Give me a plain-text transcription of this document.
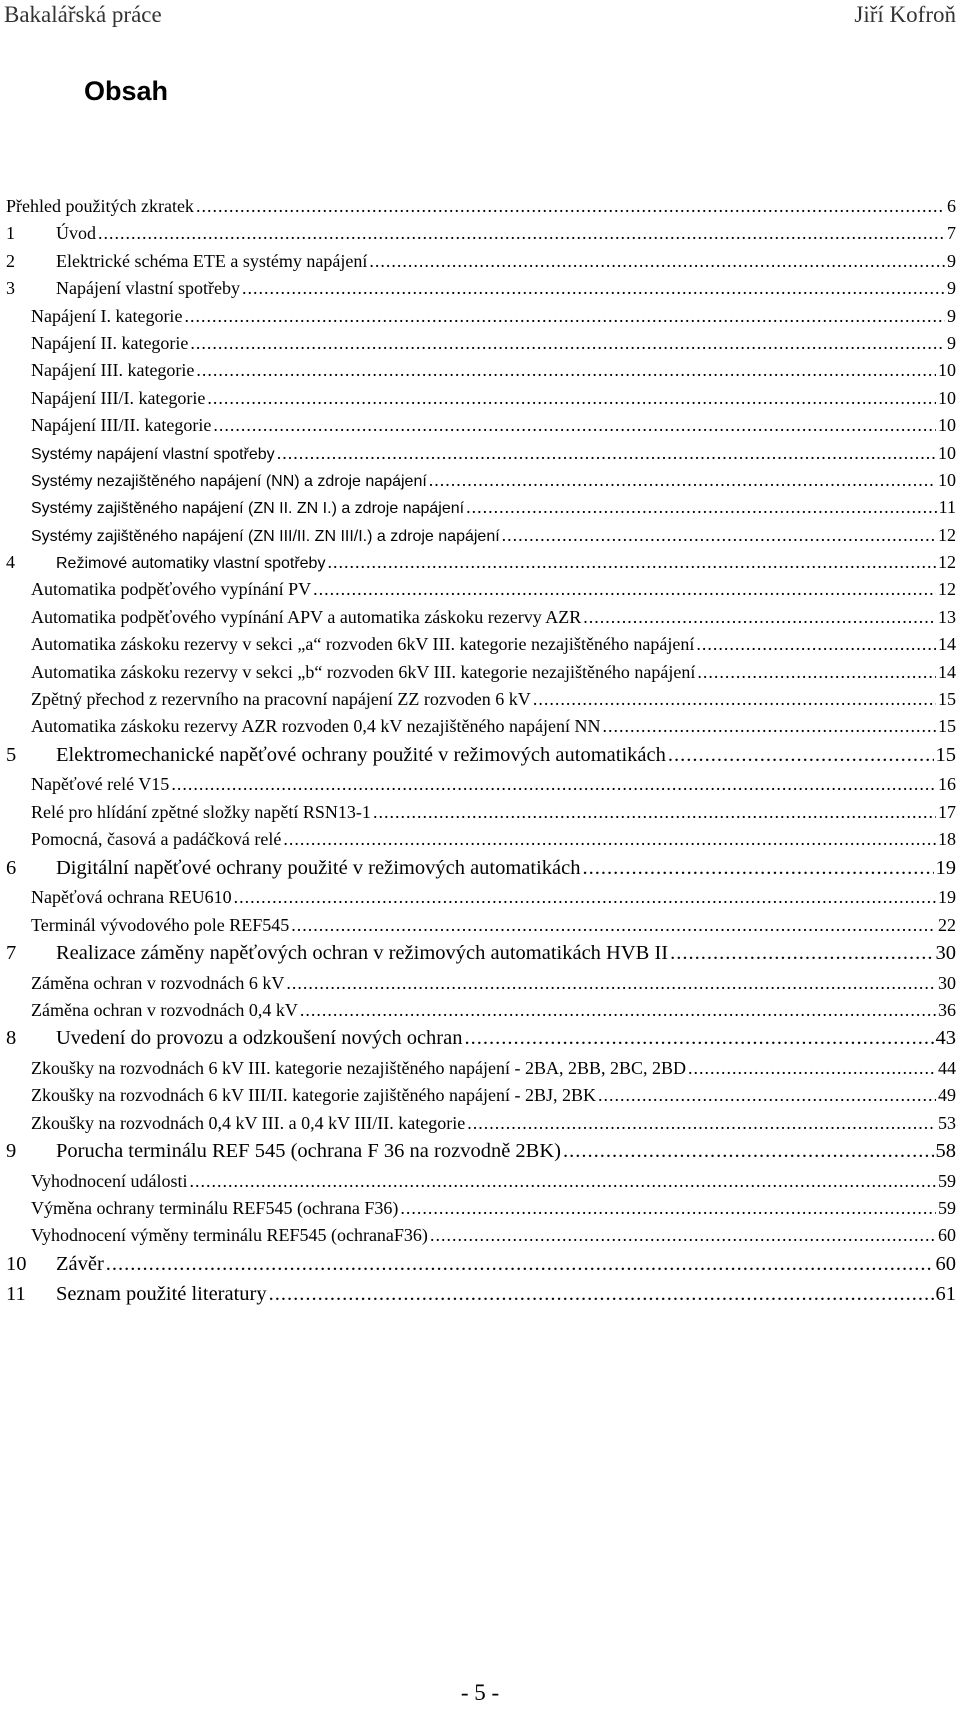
Bakalářská práce	Jiří Kofroň
Obsah
Přehled použitých zkratek .....	6
1	Úvod .....	7
2	Elektrické schéma ETE a systémy napájení .....	9
3	Napájení vlastní spotřeby .....	9
Napájení I. kategorie .....	9
Napájení II. kategorie .....	9
Napájení III. kategorie .....	10
Napájení III/I. kategorie .....	10
Napájení III/II. kategorie .....	10
Systémy napájení vlastní spotřeby .....	10
Systémy nezajištěného napájení (NN) a zdroje napájení .....	10
Systémy zajištěného napájení (ZN II. ZN I.) a zdroje napájení .....	11
Systémy zajištěného napájení (ZN III/II. ZN III/I.) a zdroje napájení .....	12
4	Režimové automatiky vlastní spotřeby .....	12
Automatika podpěťového vypínání PV .....	12
Automatika podpěťového vypínání APV a automatika záskoku rezervy AZR .....	13
Automatika záskoku rezervy v sekci „a“ rozvoden 6kV III. kategorie nezajištěného napájení .....	14
Automatika záskoku rezervy v sekci „b“ rozvoden 6kV III. kategorie nezajištěného napájení .....	14
Zpětný přechod z rezervního na pracovní napájení ZZ rozvoden 6 kV .....	15
Automatika záskoku rezervy AZR rozvoden 0,4 kV nezajištěného napájení NN .....	15
5	Elektromechanické napěťové ochrany použité v režimových automatikách .....	15
Napěťové relé V15 .....	16
Relé pro hlídání zpětné složky napětí RSN13-1 .....	17
Pomocná, časová a padáčková relé .....	18
6	Digitální napěťové ochrany použité v režimových automatikách .....	19
Napěťová ochrana REU610 .....	19
Terminál vývodového pole REF545 .....	22
7	Realizace záměny napěťových ochran v režimových automatikách HVB II .....	30
Záměna ochran v rozvodnách 6 kV .....	30
Záměna ochran v rozvodnách 0,4 kV .....	36
8	Uvedení do provozu a odzkoušení nových ochran .....	43
Zkoušky na rozvodnách 6 kV III. kategorie nezajištěného napájení - 2BA, 2BB, 2BC, 2BD .....	44
Zkoušky na rozvodnách 6 kV III/II. kategorie zajištěného napájení - 2BJ, 2BK .....	49
Zkoušky na rozvodnách 0,4 kV III. a 0,4 kV III/II. kategorie .....	53
9	Porucha terminálu REF 545 (ochrana F 36 na rozvodně 2BK) .....	58
Vyhodnocení události .....	59
Výměna ochrany terminálu REF545 (ochrana F36) .....	59
Vyhodnocení výměny terminálu REF545 (ochranaF36) .....	60
10	Závěr .....	60
11	Seznam použité literatury .....	61
- 5 -
